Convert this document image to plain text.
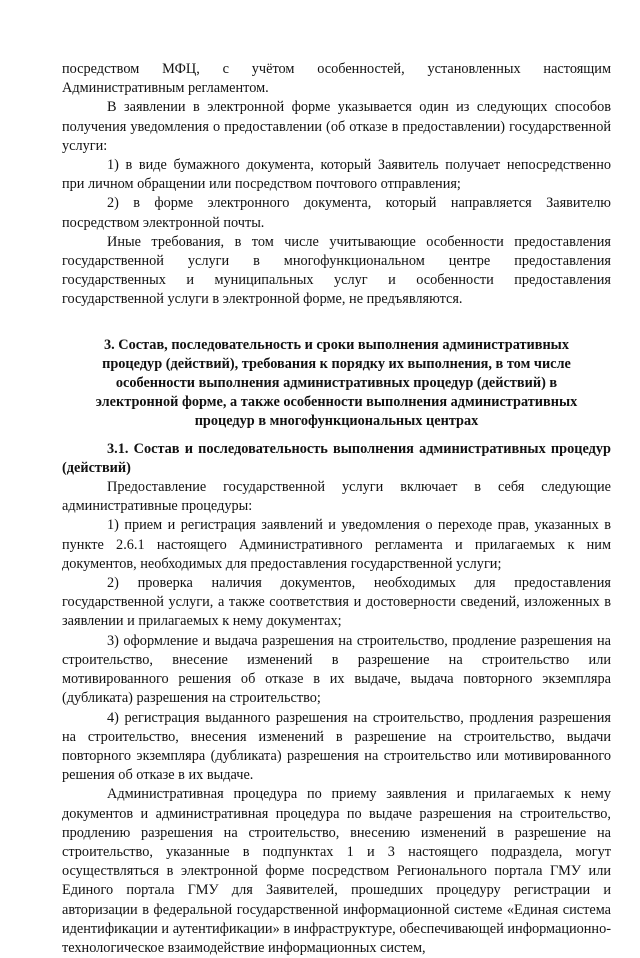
посредством МФЦ, с учётом особенностей, установленных настоящим Административным регламентом.

В заявлении в электронной форме указывается один из следующих способов получения уведомления о предоставлении (об отказе в предоставлении) государственной услуги:

1) в виде бумажного документа, который Заявитель получает непосредственно при личном обращении или посредством почтового отправления;

2) в форме электронного документа, который направляется Заявителю посредством электронной почты.

Иные требования, в том числе учитывающие особенности предоставления государственной услуги в многофункциональном центре предоставления государственных и муниципальных услуг и особенности предоставления государственной услуги в электронной форме, не предъявляются.

3. Состав, последовательность и сроки выполнения административных процедур (действий), требования к порядку их выполнения, в том числе особенности выполнения административных процедур (действий) в электронной форме, а также особенности выполнения административных процедур в многофункциональных центрах

3.1. Состав и последовательность выполнения административных процедур (действий)

Предоставление государственной услуги включает в себя следующие административные процедуры:

1) прием и регистрация заявлений и уведомления о переходе прав, указанных в пункте 2.6.1 настоящего Административного регламента и прилагаемых к ним документов, необходимых для предоставления государственной услуги;

2) проверка наличия документов, необходимых для предоставления государственной услуги, а также соответствия и достоверности сведений, изложенных в заявлении и прилагаемых к нему документах;

3) оформление и выдача разрешения на строительство, продление разрешения на строительство, внесение изменений в разрешение на строительство или мотивированного решения об отказе в их выдаче, выдача повторного экземпляра (дубликата) разрешения на строительство;

4) регистрация выданного разрешения на строительство, продления разрешения на строительство, внесения изменений в разрешение на строительство, выдачи повторного экземпляра (дубликата) разрешения на строительство или мотивированного решения об отказе в их выдаче.

Административная процедура по приему заявления и прилагаемых к нему документов и административная процедура по выдаче разрешения на строительство, продлению разрешения на строительство, внесению изменений в разрешение на строительство, указанные в подпунктах 1 и 3 настоящего подраздела, могут осуществляться в электронной форме посредством Регионального портала ГМУ или Единого портала ГМУ для Заявителей, прошедших процедуру регистрации и авторизации в федеральной государственной информационной системе «Единая система идентификации и аутентификации» в инфраструктуре, обеспечивающей информационно-технологическое взаимодействие информационных систем,
